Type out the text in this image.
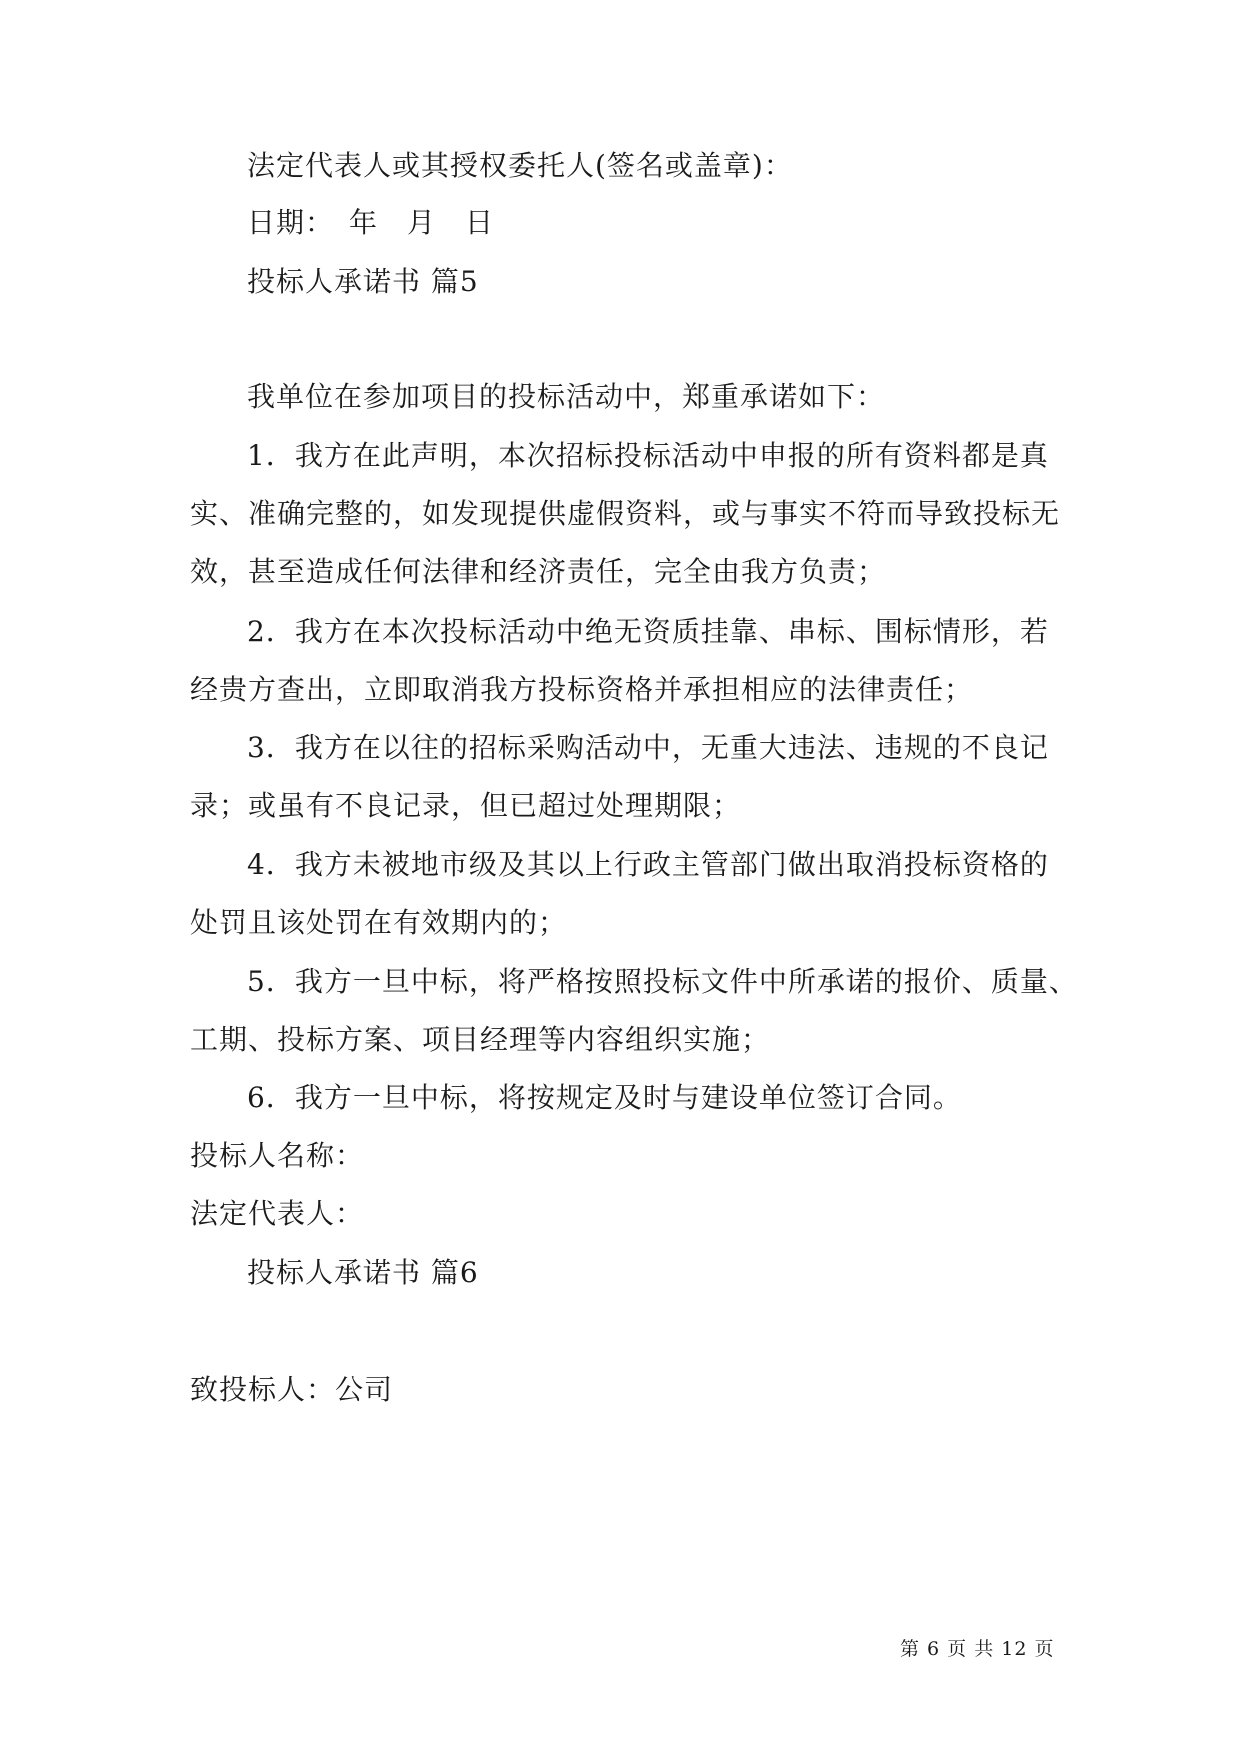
法定代表人或其授权委托人(签名或盖章)：
日期：　年　月　日
投标人承诺书 篇5
我单位在参加项目的投标活动中，郑重承诺如下：
1．我方在此声明，本次招标投标活动中申报的所有资料都是真
实、准确完整的，如发现提供虚假资料，或与事实不符而导致投标无
效，甚至造成任何法律和经济责任，完全由我方负责；
2．我方在本次投标活动中绝无资质挂靠、串标、围标情形，若
经贵方查出，立即取消我方投标资格并承担相应的法律责任；
3．我方在以往的招标采购活动中，无重大违法、违规的不良记
录；或虽有不良记录，但已超过处理期限；
4．我方未被地市级及其以上行政主管部门做出取消投标资格的
处罚且该处罚在有效期内的；
5．我方一旦中标，将严格按照投标文件中所承诺的报价、质量、
工期、投标方案、项目经理等内容组织实施；
6．我方一旦中标，将按规定及时与建设单位签订合同。
投标人名称：
法定代表人：
投标人承诺书 篇6
致投标人：公司
第 6 页 共 12 页
